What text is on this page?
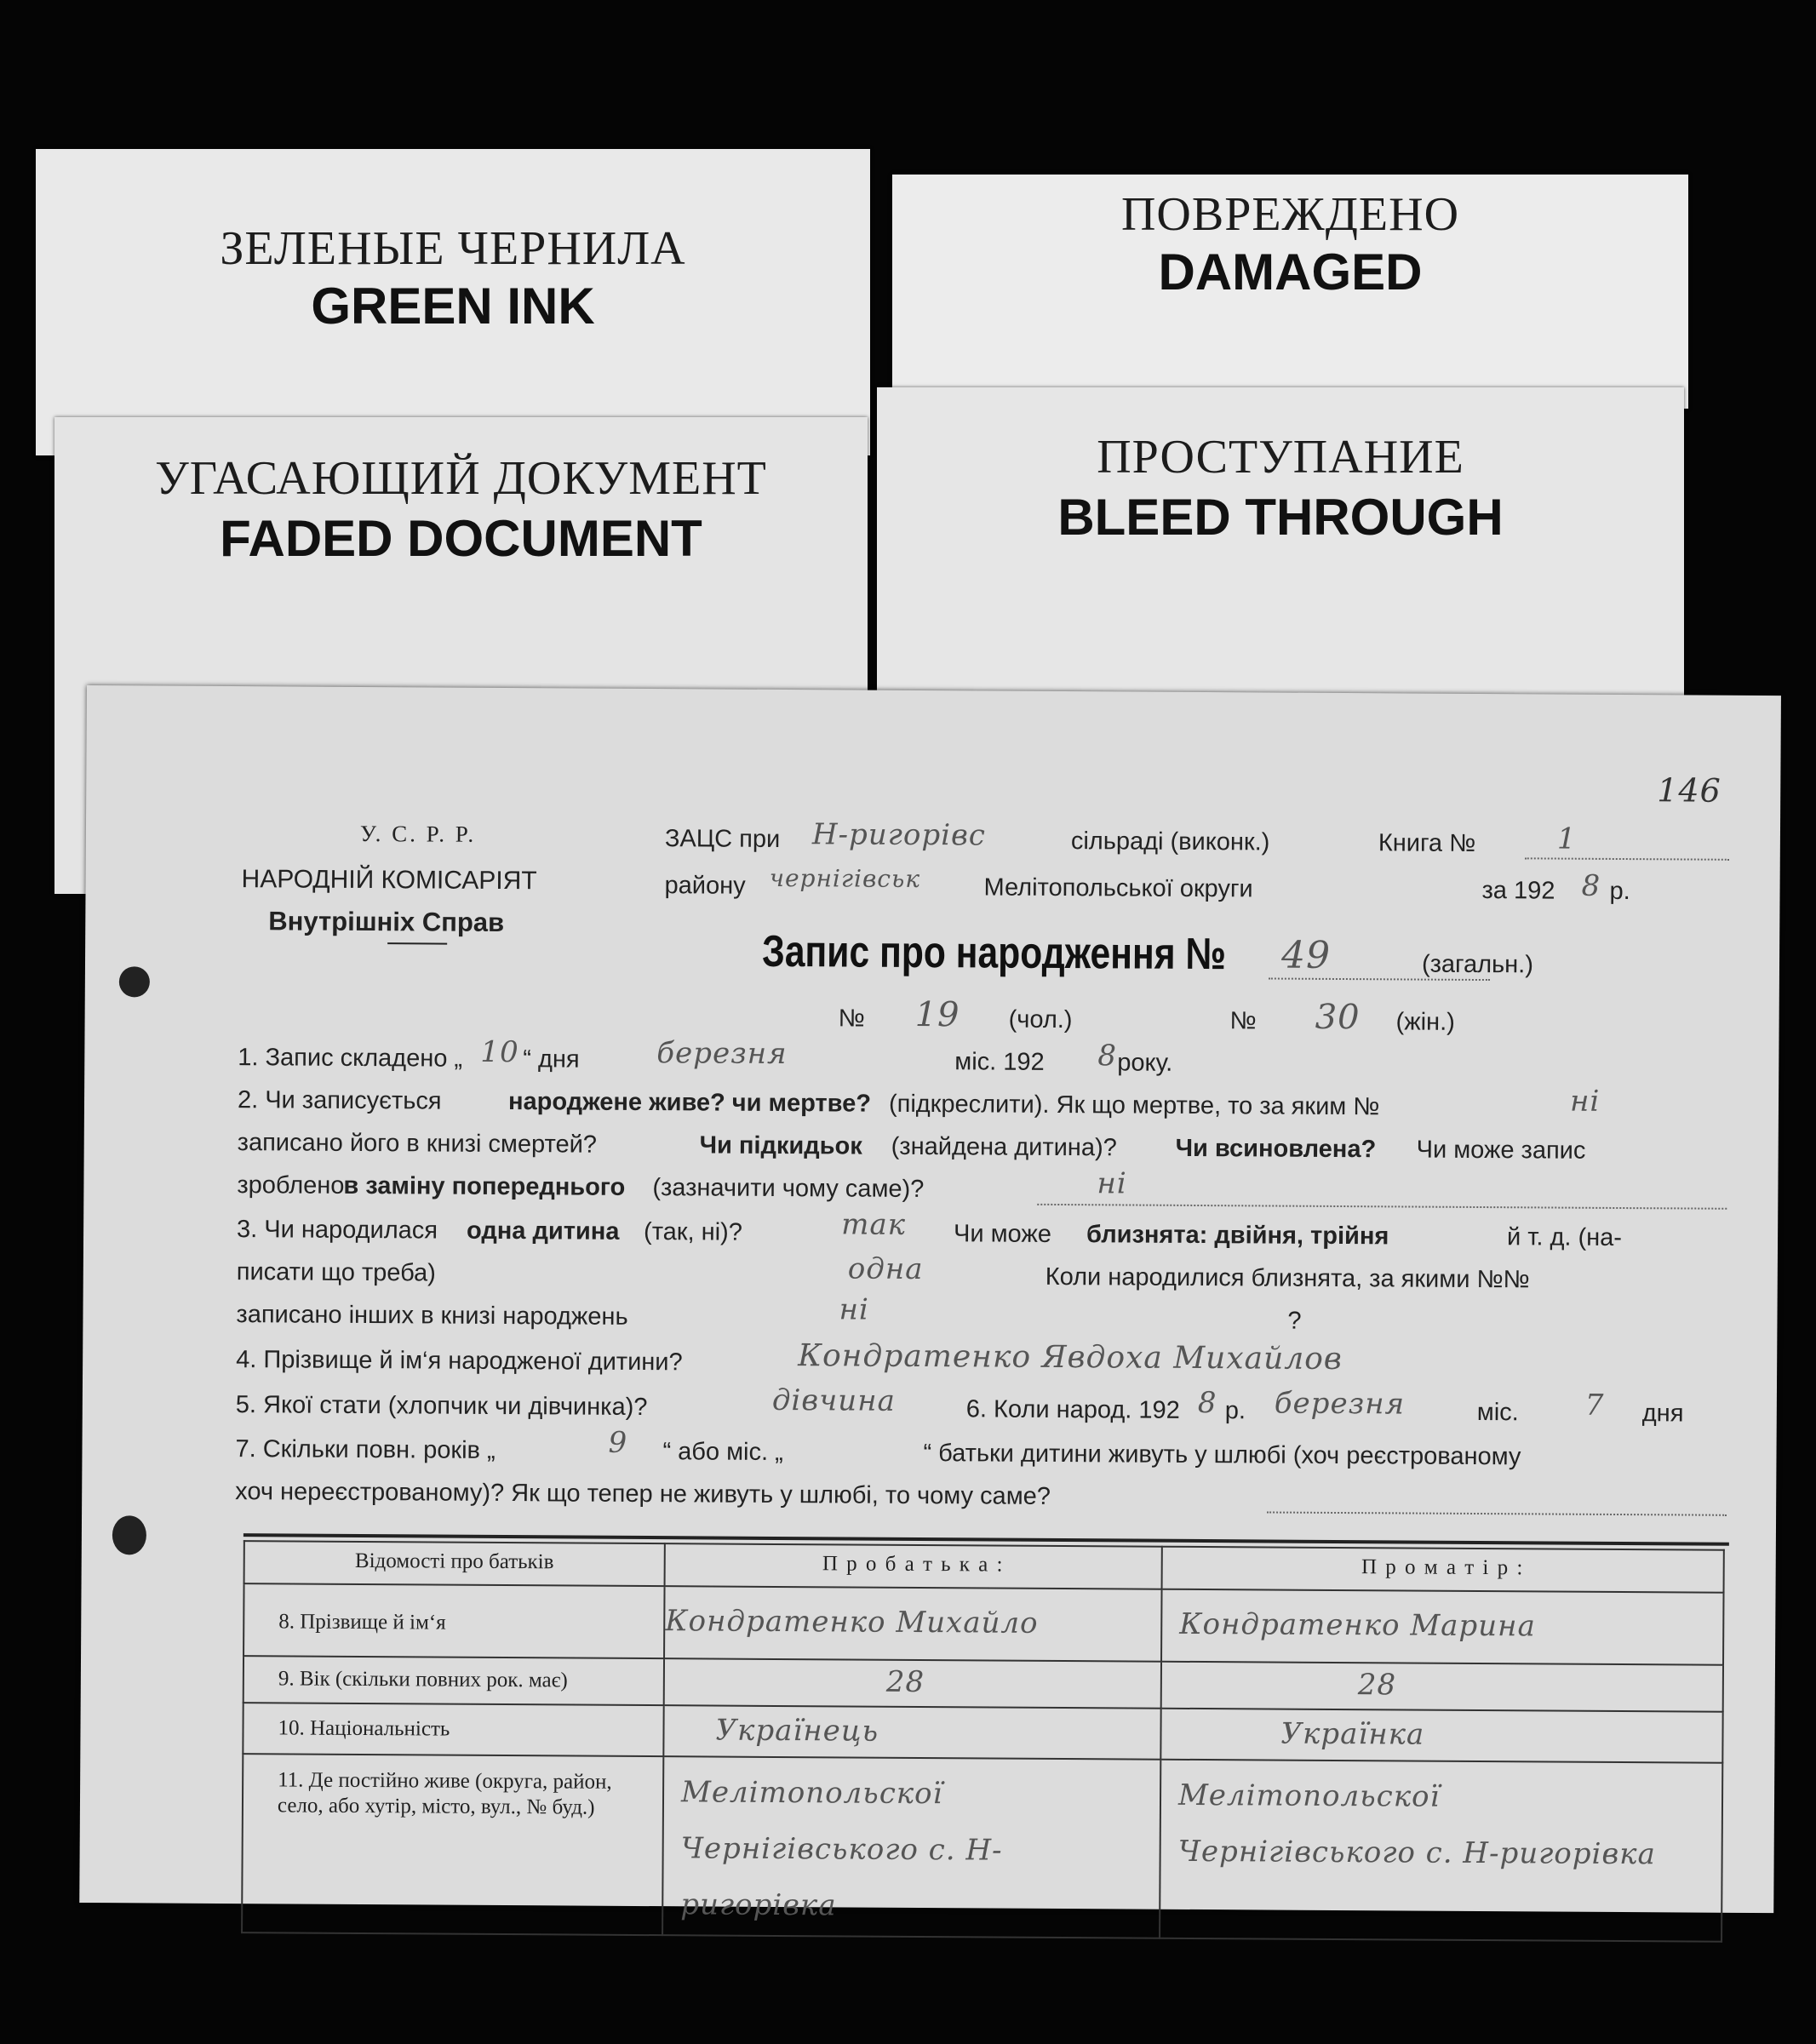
ЗЕЛЕНЫЕ ЧЕРНИЛА
GREEN INK
ПОВРЕЖДЕНО
DAMAGED
ПРОСТУПАНИЕ
BLEED THROUGH
УГАСАЮЩИЙ ДОКУМЕНТ
FADED DOCUMENT
146
У. С. Р. Р.
НАРОДНІЙ КОМІСАРІЯТ
Внутрішніх Справ
ЗАЦС при Н-ригорівс	сільраді (виконк.)	Книга №	1
району чернігівськ	Мелітопольської округи	за 192 8 р.
Запис про народження № 49	(загальн.)
№ 19 (чол.)	№ 30 (жін.)
1. Запис складено „ 10 “ дня	березня	міс. 192 8 року.
2. Чи записується	народжене живе? чи мертве? (підкреслити). Як що мертве, то за яким №	ні
записано його в книзі смертей?	Чи підкидьок (знайдена дитина)? Чи всиновлена? Чи може запис
зроблено
в заміну попереднього (зазначити чому саме)?	ні
3. Чи народилася одна дитина (так, ні)?	так Чи може близнята: двійня, трійня	й т. д. (на-
писати що треба)	одна	Коли народилися близнята, за якими №№
записано інших в книзі народжень	ні	?
4. Прізвище й ім‘я народженої дитини?	Кондратенко Явдоха Михайлов
5. Якої стати (хлопчик чи дівчинка)?	дівчина	6. Коли народ. 192 8 р. березня	міс. 7 дня
7. Скільки повн. років „	9 “ або міс. „	“ батьки дитини живуть у шлюбі (хоч реєстрованому
хоч нереєстрованому)? Як що тепер не живуть у шлюбі, то чому саме?
Відомості про батьків	П р о б а т ь к а :	П р о м а т і р :
8. Прізвище й ім‘я	Кондратенко Михайло	Кондратенко Марина
9. Вік (скільки повних рок. має)	28	28
10. Національність	Українець	Українка
11. Де постійно живе (округа, район, село, або хутір, місто, вул., № буд.)	Мелітопольскої Чернігівського с. Н-ригорівка	Мелітопольскої Чернігівського с. Н-ригорівка
